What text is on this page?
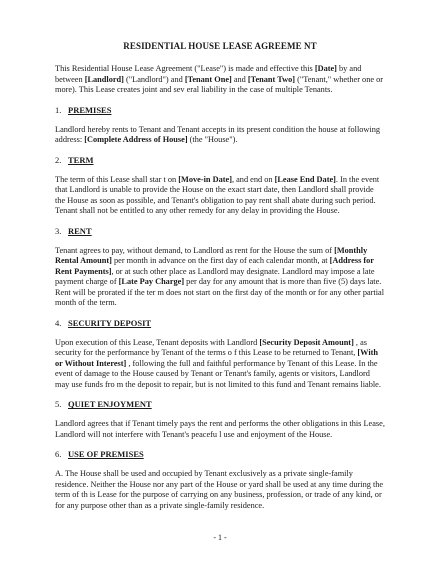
RESIDENTIAL HOUSE LEASE AGREEME NT

This Residential House Lease Agreement ("Lease") is made and effective this [Date] by and between [Landlord] ("Landlord") and [Tenant One] and [Tenant Two] ("Tenant," whether one or more). This Lease creates joint and sev eral liability in the case of multiple Tenants.

1. PREMISES

Landlord hereby rents to Tenant and Tenant accepts in its present condition the house at following address: [Complete Address of House] (the "House").

2. TERM

The term of this Lease shall star t on [Move-in Date], and end on [Lease End Date]. In the event that Landlord is unable to provide the House on the exact start date, then Landlord shall provide the House as soon as possible, and Tenant's obligation to pay rent shall abate during such period. Tenant shall not be entitled to any other remedy for any delay in providing the House.

3. RENT

Tenant agrees to pay, without demand, to Landlord as rent for the House the sum of [Monthly Rental Amount] per month in advance on the first day of each calendar month, at [Address for Rent Payments], or at such other place as Landlord may designate. Landlord may impose a late payment charge of [Late Pay Charge] per day for any amount that is more than five (5) days late. Rent will be prorated if the ter m does not start on the first day of the month or for any other partial month of the term.

4. SECURITY DEPOSIT

Upon execution of this Lease, Tenant deposits with Landlord [Security Deposit Amount] , as security for the performance by Tenant of the terms o f this Lease to be returned to Tenant, [With or Without Interest] , following the full and faithful performance by Tenant of this Lease. In the event of damage to the House caused by Tenant or Tenant's family, agents or visitors, Landlord may use funds fro m the deposit to repair, but is not limited to this fund and Tenant remains liable.

5. QUIET ENJOYMENT

Landlord agrees that if Tenant timely pays the rent and performs the other obligations in this Lease, Landlord will not interfere with Tenant's peacefu l use and enjoyment of the House.

6. USE OF PREMISES

A. The House shall be used and occupied by Tenant exclusively as a private single-family residence. Neither the House nor any part of the House or yard shall be used at any time during the term of th is Lease for the purpose of carrying on any business, profession, or trade of any kind, or for any purpose other than as a private single-family residence.

- 1 -
